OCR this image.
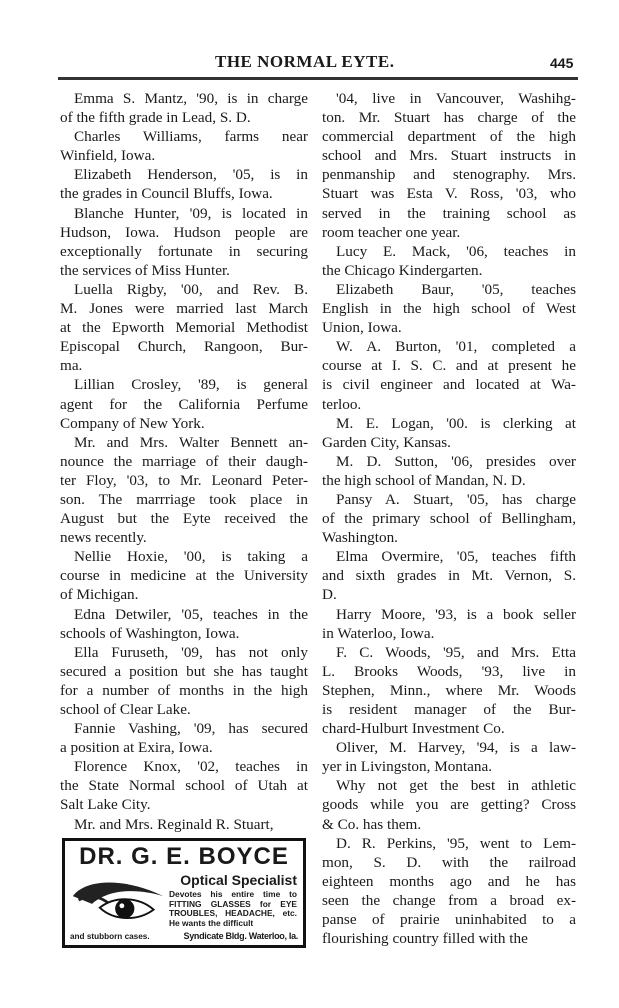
THE NORMAL EYTE.	445
Emma S. Mantz, '90, is in charge
of the fifth grade in Lead, S. D.
Charles Williams, farms near
Winfield, Iowa.
Elizabeth Henderson, '05, is in
the grades in Council Bluffs, Iowa.
Blanche Hunter, '09, is located in
Hudson, Iowa. Hudson people are
exceptionally fortunate in securing
the services of Miss Hunter.
Luella Rigby, '00, and Rev. B.
M. Jones were married last March
at the Epworth Memorial Methodist
Episcopal Church, Rangoon, Bur-
ma.
Lillian Crosley, '89, is general
agent for the California Perfume
Company of New York.
Mr. and Mrs. Walter Bennett an-
nounce the marriage of their daugh-
ter Floy, '03, to Mr. Leonard Peter-
son. The marrriage took place in
August but the Eyte received the
news recently.
Nellie Hoxie, '00, is taking a
course in medicine at the University
of Michigan.
Edna Detwiler, '05, teaches in the
schools of Washington, Iowa.
Ella Furuseth, '09, has not only
secured a position but she has taught
for a number of months in the high
school of Clear Lake.
Fannie Vashing, '09, has secured
a position at Exira, Iowa.
Florence Knox, '02, teaches in
the State Normal school of Utah at
Salt Lake City.
Mr. and Mrs. Reginald R. Stuart,
'04, live in Vancouver, Washihg-
ton. Mr. Stuart has charge of the
commercial department of the high
school and Mrs. Stuart instructs in
penmanship and stenography. Mrs.
Stuart was Esta V. Ross, '03, who
served in the training school as
room teacher one year.
Lucy E. Mack, '06, teaches in
the Chicago Kindergarten.
Elizabeth Baur, '05, teaches
English in the high school of West
Union, Iowa.
W. A. Burton, '01, completed a
course at I. S. C. and at present he
is civil engineer and located at Wa-
terloo.
M. E. Logan, '00. is clerking at
Garden City, Kansas.
M. D. Sutton, '06, presides over
the high school of Mandan, N. D.
Pansy A. Stuart, '05, has charge
of the primary school of Bellingham,
Washington.
Elma Overmire, '05, teaches fifth
and sixth grades in Mt. Vernon, S.
D.
Harry Moore, '93, is a book seller
in Waterloo, Iowa.
F. C. Woods, '95, and Mrs. Etta
L. Brooks Woods, '93, live in
Stephen, Minn., where Mr. Woods
is resident manager of the Bur-
chard-Hulburt Investment Co.
Oliver, M. Harvey, '94, is a law-
yer in Livingston, Montana.
Why not get the best in athletic
goods while you are getting? Cross
& Co. has them.
D. R. Perkins, '95, went to Lem-
mon, S. D. with the railroad
eighteen months ago and he has
seen the change from a broad ex-
panse of prairie uninhabited to a
flourishing country filled with the
DR. G. E. BOYCE
Optical Specialist
Devotes his entire time to FITTING GLASSES for EYE TROUBLES, HEADACHE, etc. He wants the difficult
and stubborn cases.	Syndicate Bldg. Waterloo, Ia.
